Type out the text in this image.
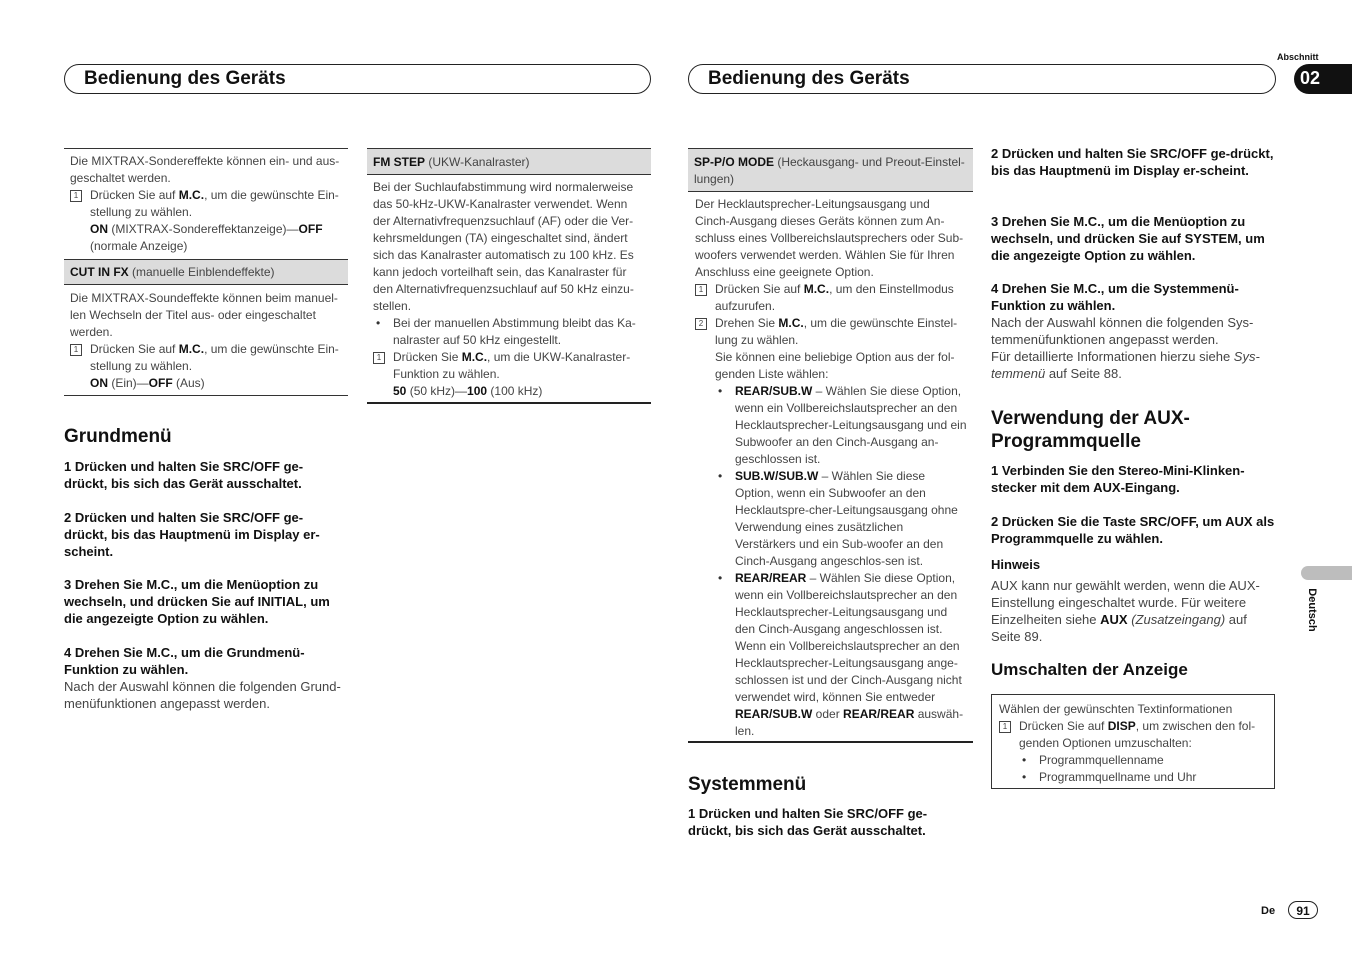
Bedienung des Geräts	Bedienung des Geräts
Abschnitt
02
Deutsch
De	91

Die MIXTRAX-Sondereffekte können ein- und aus-geschaltet werden.

1 Drücken Sie auf M.C., um die gewünschte Ein-stellung zu wählen.
ON (MIXTRAX-Sondereffektanzeige)—OFF
(normale Anzeige)
CUT IN FX (manuelle Einblendeffekte)

Die MIXTRAX-Soundeffekte können beim manuel-len Wechseln der Titel aus- oder eingeschaltet werden.

1 Drücken Sie auf M.C., um die gewünschte Ein-stellung zu wählen.
ON (Ein)—OFF (Aus)
Grundmenü
1 Drücken und halten Sie SRC/OFF ge-drückt, bis sich das Gerät ausschaltet.
2 Drücken und halten Sie SRC/OFF ge-drückt, bis das Hauptmenü im Display er-scheint.
3 Drehen Sie M.C., um die Menüoption zu wechseln, und drücken Sie auf INITIAL, um die angezeigte Option zu wählen.
4 Drehen Sie M.C., um die Grundmenü-Funktion zu wählen.
Nach der Auswahl können die folgenden Grund-menüfunktionen angepasst werden.
FM STEP (UKW-Kanalraster)

Bei der Suchlaufabstimmung wird normalerweise das 50-kHz-UKW-Kanalraster verwendet. Wenn der Alternativfrequenzsuchlauf (AF) oder die Ver-kehrsmeldungen (TA) eingeschaltet sind, ändert sich das Kanalraster automatisch zu 100 kHz. Es kann jedoch vorteilhaft sein, das Kanalraster für den Alternativfrequenzsuchlauf auf 50 kHz einzu-stellen.

• Bei der manuellen Abstimmung bleibt das Ka-nalraster auf 50 kHz eingestellt.
1 Drücken Sie M.C., um die UKW-Kanalraster-Funktion zu wählen.
50 (50 kHz)—100 (100 kHz)
SP-P/O MODE (Heckausgang- und Preout-Einstel-lungen)

Der Hecklautsprecher-Leitungsausgang und Cinch-Ausgang dieses Geräts können zum An-schluss eines Vollbereichslautsprechers oder Sub-woofers verwendet werden. Wählen Sie für Ihren Anschluss eine geeignete Option.

1 Drücken Sie auf M.C., um den Einstellmodus aufzurufen.
2 Drehen Sie M.C., um die gewünschte Einstel-lung zu wählen.
Sie können eine beliebige Option aus der fol-genden Liste wählen:
• REAR/SUB.W – Wählen Sie diese Option, wenn ein Vollbereichslautsprecher an den Hecklautsprecher-Leitungsausgang und ein Subwoofer an den Cinch-Ausgang an-geschlossen ist.
• SUB.W/SUB.W – Wählen Sie diese Option, wenn ein Subwoofer an den Hecklautspre-cher-Leitungsausgang ohne Verwendung eines zusätzlichen Verstärkers und ein Sub-woofer an den Cinch-Ausgang angeschlos-sen ist.
• REAR/REAR – Wählen Sie diese Option, wenn ein Vollbereichslautsprecher an den Hecklautsprecher-Leitungsausgang und den Cinch-Ausgang angeschlossen ist. Wenn ein Vollbereichslautsprecher an den Hecklautsprecher-Leitungsausgang ange-schlossen ist und der Cinch-Ausgang nicht verwendet wird, können Sie entweder REAR/SUB.W oder REAR/REAR auswäh-len.
Systemmenü
1 Drücken und halten Sie SRC/OFF ge-drückt, bis sich das Gerät ausschaltet.
2 Drücken und halten Sie SRC/OFF ge-drückt, bis das Hauptmenü im Display er-scheint.
3 Drehen Sie M.C., um die Menüoption zu wechseln, und drücken Sie auf SYSTEM, um die angezeigte Option zu wählen.
4 Drehen Sie M.C., um die Systemmenü-Funktion zu wählen.
Nach der Auswahl können die folgenden Sys-temmenüfunktionen angepasst werden.
Für detaillierte Informationen hierzu siehe Sys-temmenü auf Seite 88.
Verwendung der AUX-Programmquelle
1 Verbinden Sie den Stereo-Mini-Klinken-stecker mit dem AUX-Eingang.
2 Drücken Sie die Taste SRC/OFF, um AUX als Programmquelle zu wählen.
Hinweis
AUX kann nur gewählt werden, wenn die AUX-Einstellung eingeschaltet wurde. Für weitere Einzelheiten siehe AUX (Zusatzeingang) auf Seite 89.
Umschalten der Anzeige

Wählen der gewünschten Textinformationen

1 Drücken Sie auf DISP, um zwischen den fol-genden Optionen umzuschalten:
• Programmquellenname
• Programmquellname und Uhr
